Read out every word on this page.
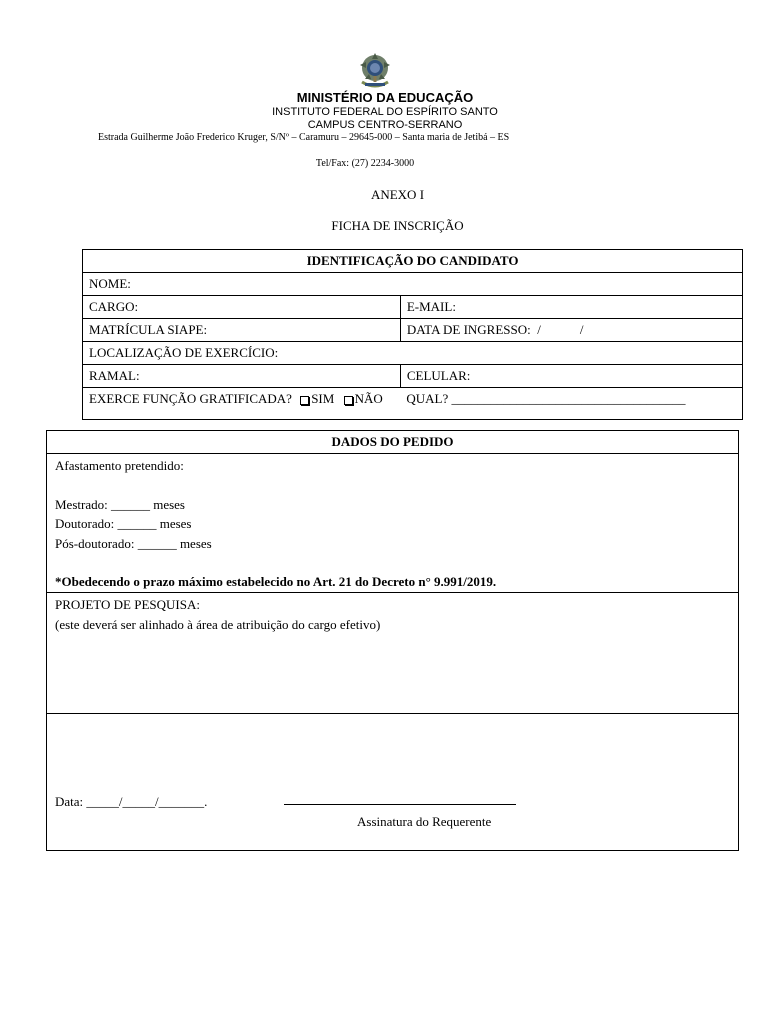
MINISTÉRIO DA EDUCAÇÃO
INSTITUTO FEDERAL DO ESPÍRITO SANTO
CAMPUS CENTRO-SERRANO
Estrada Guilherme João Frederico Kruger, S/Nº – Caramuru – 29645-000 – Santa maria de Jetibá – ES
Tel/Fax: (27) 2234-3000
ANEXO I
FICHA DE INSCRIÇÃO
IDENTIFICAÇÃO DO CANDIDATO	
NOME:	
CARGO:	E-MAIL:
MATRÍCULA SIAPE:	DATA DE INGRESSO:  /            /
LOCALIZAÇÃO DE EXERCÍCIO:	
RAMAL:	CELULAR:
EXERCE FUNÇÃO GRATIFICADA? SIM NÃO	QUAL? ____________________________________
DADOS DO PEDIDO

Afastamento pretendido:
Mestrado: ______ meses
Doutorado: ______ meses
Pós-doutorado: ______ meses
*Obedecendo o prazo máximo estabelecido no Art. 21 do Decreto n° 9.991/2019.

PROJETO DE PESQUISA:
(este deverá ser alinhado à área de atribuição do cargo efetivo)

Data: _____/_____/_______.
Assinatura do Requerente
